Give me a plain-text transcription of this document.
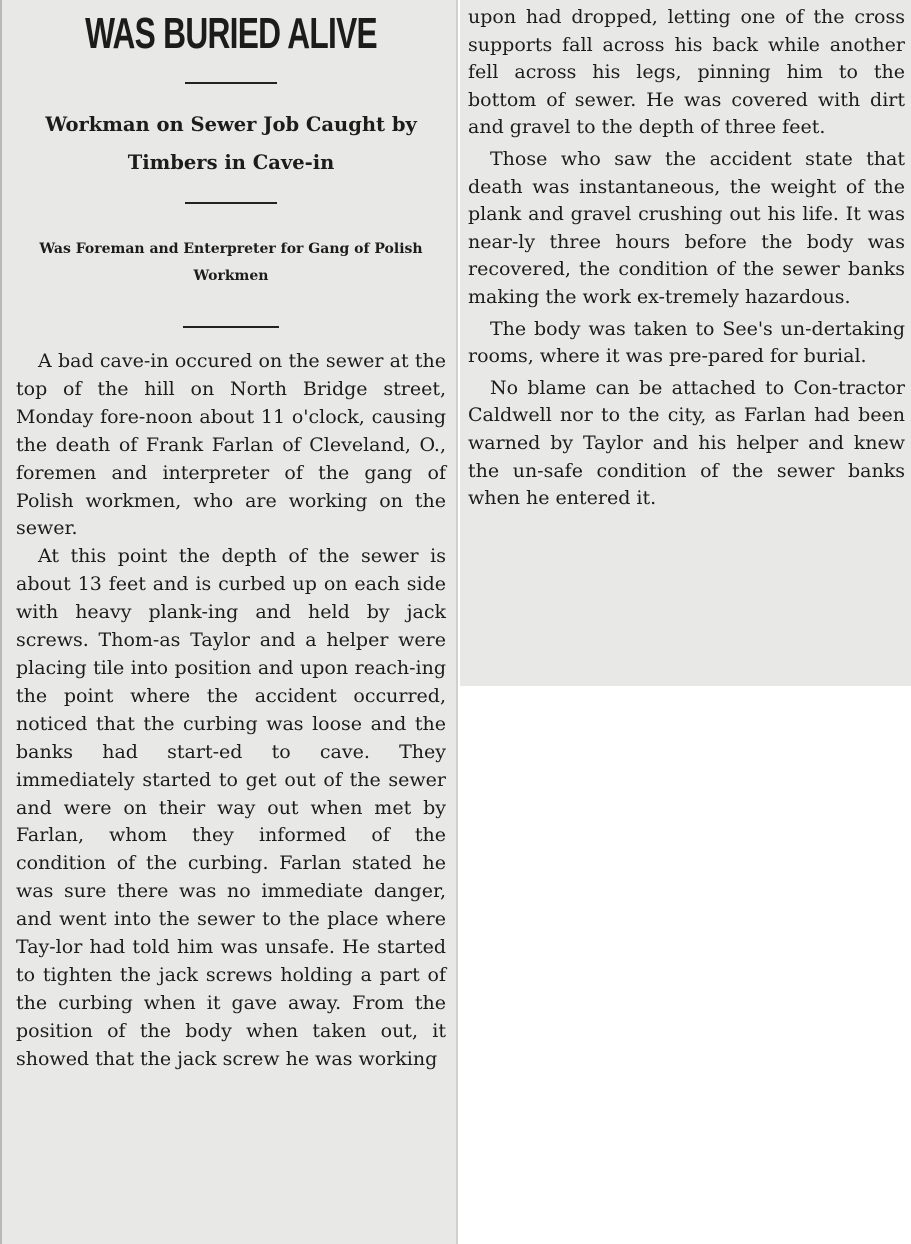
WAS BURIED ALIVE
Workman on Sewer Job Caught by Timbers in Cave-in
Was Foreman and Enterpreter for Gang of Polish Workmen

A bad cave-in occured on the sewer at the top of the hill on North Bridge street, Monday fore-noon about 11 o'clock, causing the death of Frank Farlan of Cleveland, O., foremen and interpreter of the gang of Polish workmen, who are working on the sewer.

At this point the depth of the sewer is about 13 feet and is curbed up on each side with heavy plank-ing and held by jack screws. Thom-as Taylor and a helper were placing tile into position and upon reach-ing the point where the accident occurred, noticed that the curbing was loose and the banks had start-ed to cave. They immediately started to get out of the sewer and were on their way out when met by Farlan, whom they informed of the condition of the curbing. Farlan stated he was sure there was no immediate danger, and went into the sewer to the place where Tay-lor had told him was unsafe. He started to tighten the jack screws holding a part of the curbing when it gave away. From the position of the body when taken out, it showed that the jack screw he was working

upon had dropped, letting one of the cross supports fall across his back while another fell across his legs, pinning him to the bottom of sewer. He was covered with dirt and gravel to the depth of three feet.

Those who saw the accident state that death was instantaneous, the weight of the plank and gravel crushing out his life. It was near-ly three hours before the body was recovered, the condition of the sewer banks making the work ex-tremely hazardous.

The body was taken to See's un-dertaking rooms, where it was pre-pared for burial.

No blame can be attached to Con-tractor Caldwell nor to the city, as Farlan had been warned by Taylor and his helper and knew the un-safe condition of the sewer banks when he entered it.
